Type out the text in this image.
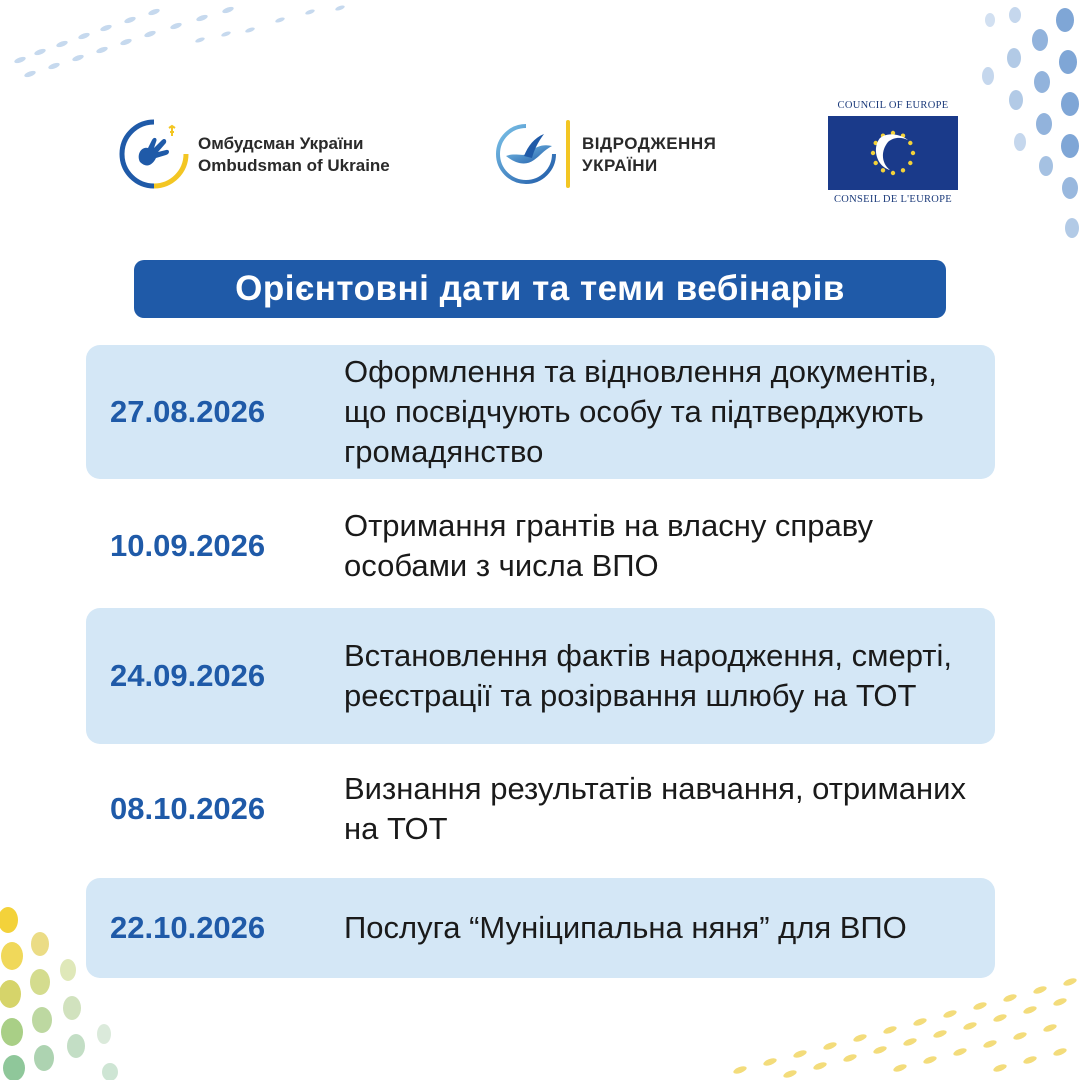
Омбудсман України
Ombudsman of Ukraine
ВІДРОДЖЕННЯ
УКРАЇНИ
COUNCIL OF EUROPE
CONSEIL DE L'EUROPE
Орієнтовні дати та теми вебінарів
27.08.2026
Оформлення та відновлення документів, що посвідчують особу та підтверджують громадянство
10.09.2026
Отримання грантів на власну справу особами з числа ВПО
24.09.2026
Встановлення фактів народження, смерті, реєстрації та розірвання шлюбу на ТОТ
08.10.2026
Визнання результатів навчання, отриманих на ТОТ
22.10.2026	Послуга “Муніципальна няня” для ВПО
